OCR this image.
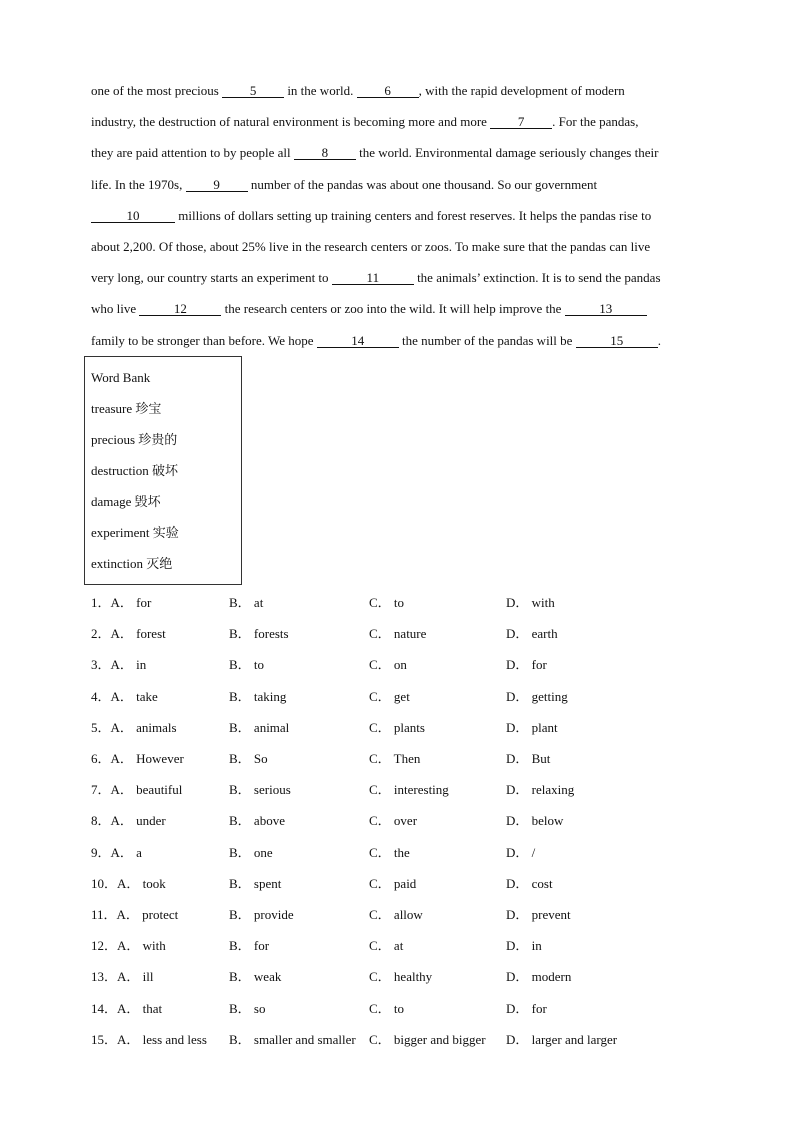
one of the most precious 5 in the world. 6 , with the rapid development of modern
industry, the destruction of natural environment is becoming more and more 7 . For the pandas,
they are paid attention to by people all 8 the world. Environmental damage seriously changes their
life. In the 1970s, 9 number of the pandas was about one thousand. So our government
10	millions of dollars setting up training centers and forest reserves. It helps the pandas rise to
about 2,200. Of those, about 25% live in the research centers or zoos. To make sure that the pandas can live
very long, our country starts an experiment to	11	the animals’ extinction. It is to send the pandas
who live	12	the research centers or zoo into the wild. It will help improve the	13
family to be stronger than before. We hope	14	the number of the pandas will be	15	.
Word Bank
treasure 珍宝
precious 珍贵的
destruction 破坏
damage 毁坏
experiment 实验
extinction 灭绝
1．A． for	B． at	C． to	D． with
2．A． forest	B． forests	C． nature	D． earth
3．A． in	B． to	C． on	D． for
4．A． take	B． taking	C． get	D． getting
5．A． animals	B． animal	C． plants	D． plant
6．A． However	B． So	C． Then	D． But
7．A． beautiful	B． serious	C． interesting	D． relaxing
8．A． under	B． above	C． over	D． below
9．A． a	B． one	C． the	D． /
10．A． took	B． spent	C． paid	D． cost
11．A． protect	B． provide	C． allow	D． prevent
12．A． with	B． for	C． at	D． in
13．A． ill	B． weak	C． healthy	D． modern
14．A． that	B． so	C． to	D． for
15．A． less and less B． smaller and smaller C． bigger and bigger D． larger and larger
